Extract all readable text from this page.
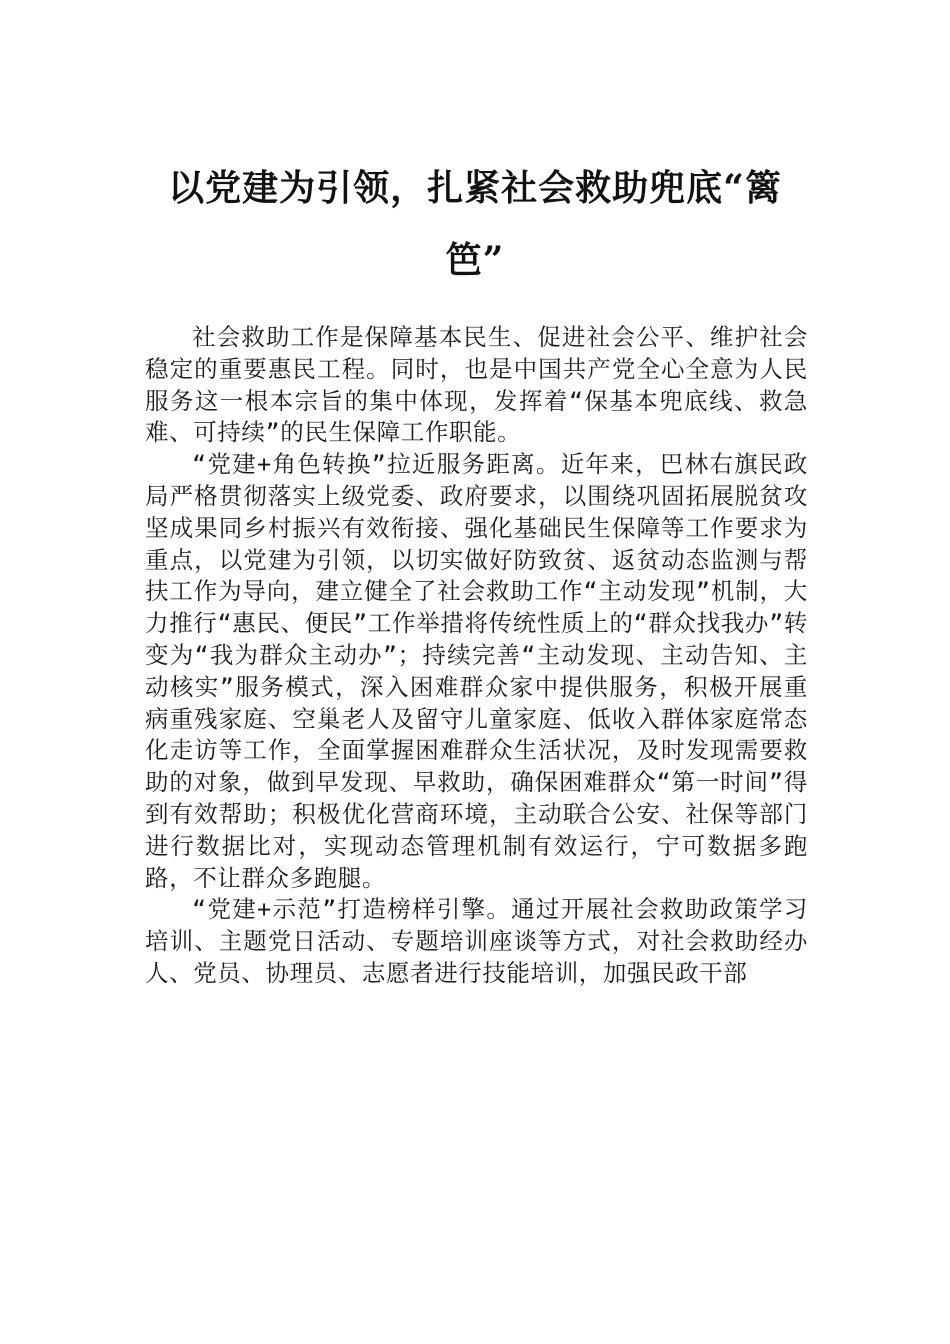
以党建为引领，扎紧社会救助兜底“篱笆”

社会救助工作是保障基本民生、促进社会公平、维护社会稳定的重要惠民工程。同时，也是中国共产党全心全意为人民服务这一根本宗旨的集中体现，发挥着“保基本兜底线、救急难、可持续”的民生保障工作职能。

“党建+角色转换”拉近服务距离。近年来，巴林右旗民政局严格贯彻落实上级党委、政府要求，以围绕巩固拓展脱贫攻坚成果同乡村振兴有效衔接、强化基础民生保障等工作要求为重点，以党建为引领，以切实做好防致贫、返贫动态监测与帮扶工作为导向，建立健全了社会救助工作“主动发现”机制，大力推行“惠民、便民”工作举措将传统性质上的“群众找我办”转变为“我为群众主动办”；持续完善“主动发现、主动告知、主动核实”服务模式，深入困难群众家中提供服务，积极开展重病重残家庭、空巢老人及留守儿童家庭、低收入群体家庭常态化走访等工作，全面掌握困难群众生活状况，及时发现需要救助的对象，做到早发现、早救助，确保困难群众“第一时间”得到有效帮助；积极优化营商环境，主动联合公安、社保等部门进行数据比对，实现动态管理机制有效运行，宁可数据多跑路，不让群众多跑腿。

“党建+示范”打造榜样引擎。通过开展社会救助政策学习培训、主题党日活动、专题培训座谈等方式，对社会救助经办人、党员、协理员、志愿者进行技能培训，加强民政干部
